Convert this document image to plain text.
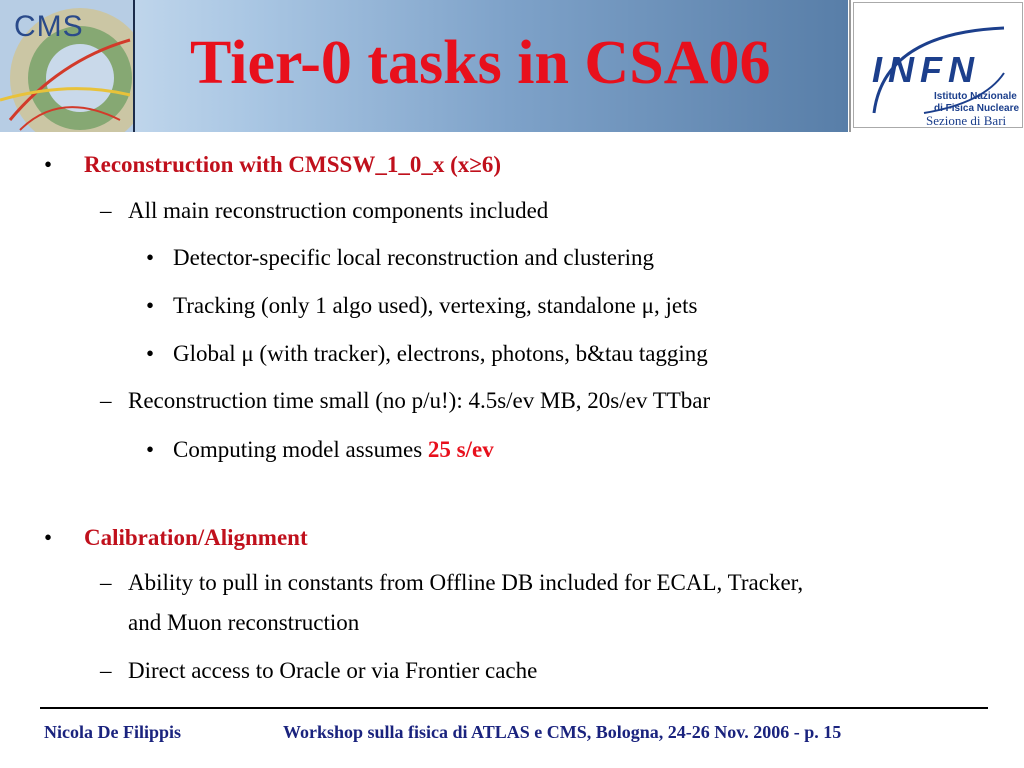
CMS
Tier-0 tasks in CSA06	INFN
Istituto Nazionale
di Fisica Nucleare
Sezione di Bari
• Reconstruction with CMSSW_1_0_x (x≥6)
– All main reconstruction components included
• Detector-specific local reconstruction and clustering
• Tracking (only 1 algo used), vertexing, standalone μ, jets
• Global μ (with tracker), electrons, photons, b&tau tagging
– Reconstruction time small (no p/u!): 4.5s/ev MB, 20s/ev TTbar
• Computing model assumes 25 s/ev
• Calibration/Alignment
– Ability to pull in constants from Offline DB included for ECAL, Tracker,
and Muon reconstruction
– Direct access to Oracle or via Frontier cache
Nicola De Filippis	Workshop sulla fisica di ATLAS e CMS, Bologna, 24-26 Nov. 2006 - p. 15
